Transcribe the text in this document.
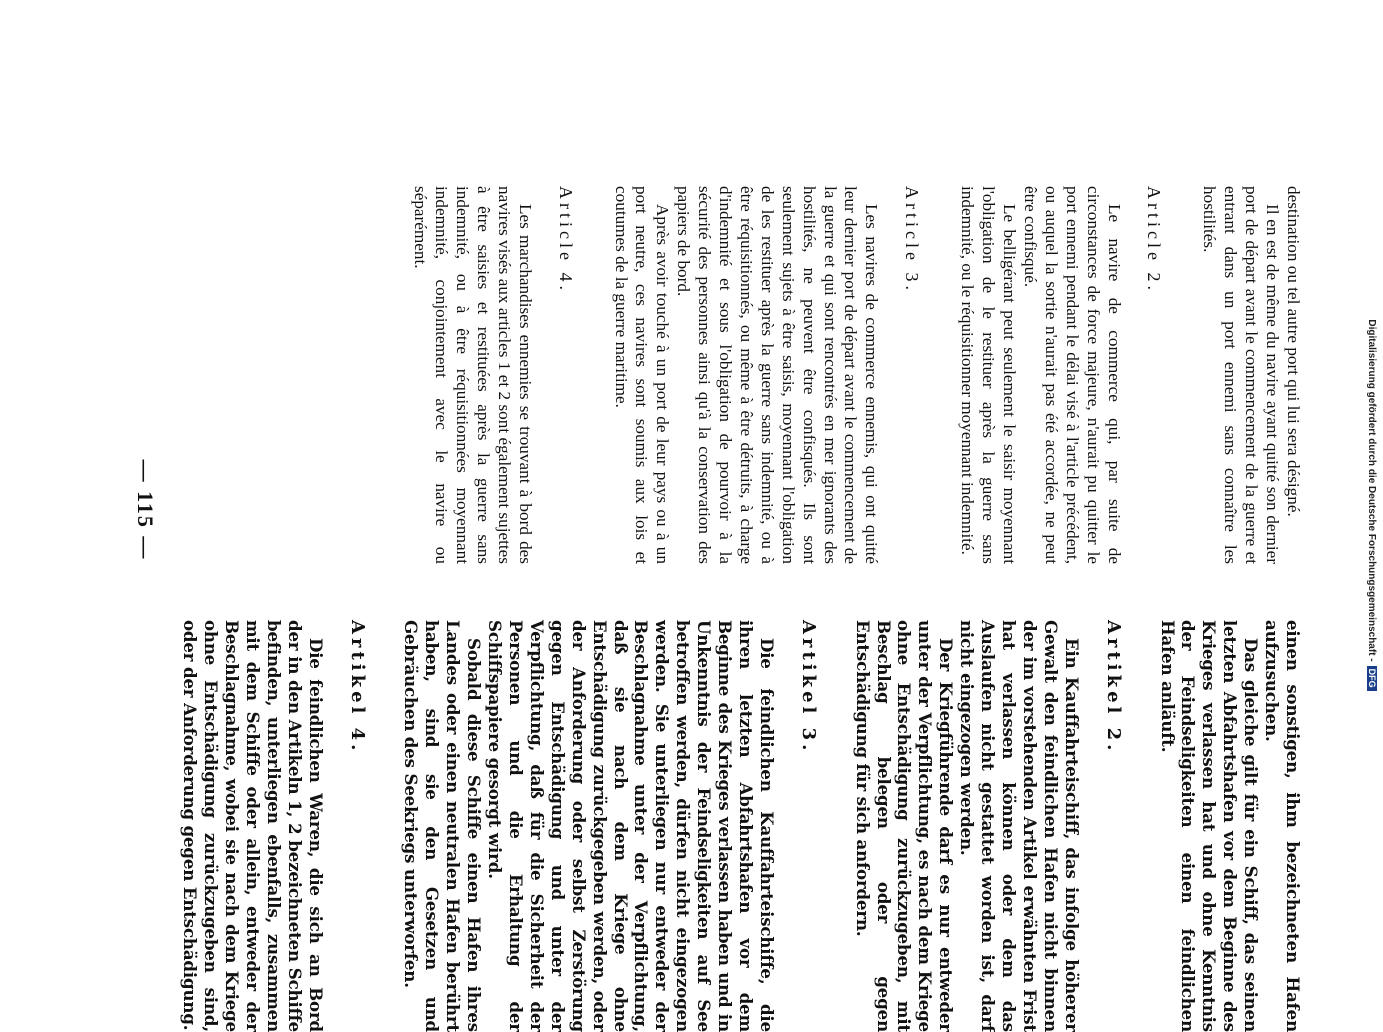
Digitalisierung gefördert durch die Deutsche Forschungsgemeinschaft -DFG
— 115 —	destination ou tel autre port qui lui sera désigné.

Il en est de même du navire ayant quitté son dernier port de départ avant le commencement de la guerre et entrant dans un port ennemi sans connaître les hostilités.

Article 2.

Le navire de commerce qui, par suite de circonstances de force majeure, n'aurait pu quitter le port ennemi pendant le délai visé à l'article précédent, ou auquel la sortie n'aurait pas été accordée, ne peut être confisqué.

Le belligérant peut seulement le saisir moyennant l'obligation de le restituer après la guerre sans indemnité, ou le réquisitionner moyennant indemnité.

Article 3.

Les navires de commerce ennemis, qui ont quitté leur dernier port de départ avant le commencement de la guerre et qui sont rencontrés en mer ignorants des hostilités, ne peuvent être confisqués. Ils sont seulement sujets à être saisis, moyennant l'obligation de les restituer après la guerre sans indemnité, ou à être réquisitionnés, ou même à être détruits, à charge d'indemnité et sous l'obligation de pourvoir à la sécurité des personnes ainsi qu'à la conservation des papiers de bord.

Après avoir touché à un port de leur pays ou à un port neutre, ces navires sont soumis aux lois et coutumes de la guerre maritime.

Article 4.

Les marchandises ennemies se trouvant à bord des navires visés aux articles 1 et 2 sont également sujettes à être saisies et restituées après la guerre sans indemnité, ou à être réquisitionnées moyennant indemnité, conjointement avec le navire ou séparément.

einen sonstigen, ihm bezeichneten Hafen aufzusuchen.

Das gleiche gilt für ein Schiff, das seinen letzten Abfahrtshafen vor dem Beginne des Krieges verlassen hat und ohne Kenntnis der Feindseligkeiten einen feindlichen Hafen anläuft.

Artikel 2.

Ein Kauffahrteischiff, das infolge höherer Gewalt den feindlichen Hafen nicht binnen der im vorstehenden Artikel erwähnten Frist hat verlassen können oder dem das Auslaufen nicht gestattet worden ist, darf nicht eingezogen werden.

Der Kriegführende darf es nur entweder unter der Verpflichtung, es nach dem Kriege ohne Entschädigung zurückzugeben, mit Beschlag belegen oder gegen Entschädigung für sich anfordern.

Artikel 3.

Die feindlichen Kauffahrteischiffe, die ihren letzten Abfahrtshafen vor dem Beginne des Krieges verlassen haben und in Unkenntnis der Feindseligkeiten auf See betroffen werden, dürfen nicht eingezogen werden. Sie unterliegen nur entweder der Beschlagnahme unter der Verpflichtung, daß sie nach dem Kriege ohne Entschädigung zurückgegeben werden, oder der Anforderung oder selbst Zerstörung gegen Entschädigung und unter der Verpflichtung, daß für die Sicherheit der Personen und die Erhaltung der Schiffspapiere gesorgt wird.

Sobald diese Schiffe einen Hafen ihres Landes oder einen neutralen Hafen berührt haben, sind sie den Gesetzen und Gebräuchen des Seekriegs unterworfen.

Artikel 4.

Die feindlichen Waren, die sich an Bord der in den Artikeln 1, 2 bezeichneten Schiffe befinden, unterliegen ebenfalls, zusammen mit dem Schiffe oder allein, entweder der Beschlagnahme, wobei sie nach dem Kriege ohne Entschädigung zurückzugeben sind, oder der Anforderung gegen Entschädigung.
